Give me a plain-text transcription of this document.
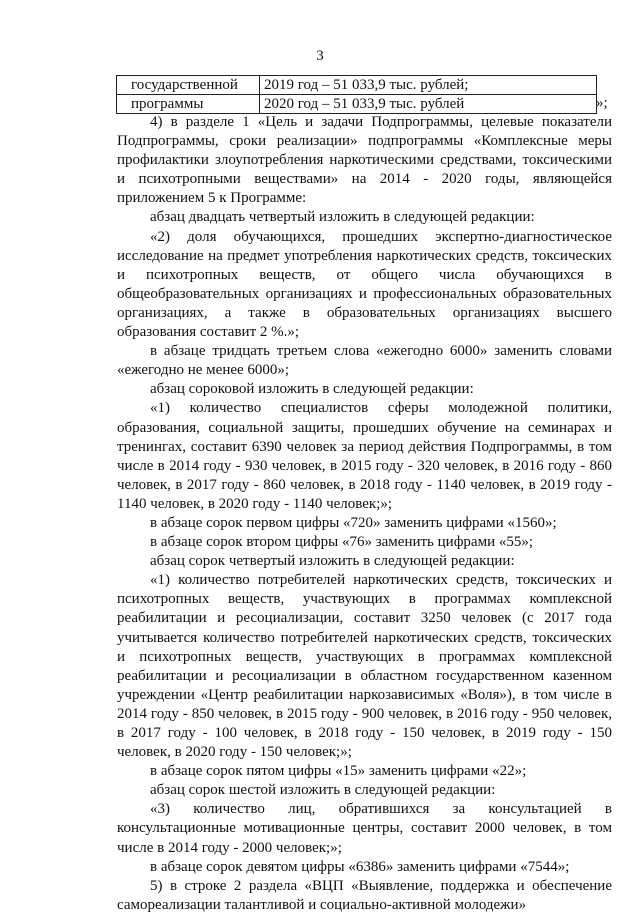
3
государственной	2019 год – 51 033,9 тыс. рублей;
программы	2020 год – 51 033,9 тыс. рублей	»;

4) в разделе 1 «Цель и задачи Подпрограммы, целевые показатели Подпрограммы, сроки реализации» подпрограммы «Комплексные меры профилактики злоупотребления наркотическими средствами, токсическими и психотропными веществами» на 2014 - 2020 годы, являющейся приложением 5 к Программе:

абзац двадцать четвертый изложить в следующей редакции:

«2) доля обучающихся, прошедших экспертно-диагностическое исследование на предмет употребления наркотических средств, токсических и психотропных веществ, от общего числа обучающихся в общеобразовательных организациях и профессиональных образовательных организациях, а также в образовательных организациях высшего образования составит 2 %.»;

в абзаце тридцать третьем слова «ежегодно 6000» заменить словами «ежегодно не менее 6000»;

абзац сороковой изложить в следующей редакции:

«1) количество специалистов сферы молодежной политики, образования, социальной защиты, прошедших обучение на семинарах и тренингах, составит 6390 человек за период действия Подпрограммы, в том числе в 2014 году - 930 человек, в 2015 году - 320 человек, в 2016 году - 860 человек, в 2017 году - 860 человек, в 2018 году - 1140 человек, в 2019 году - 1140 человек, в 2020 году - 1140 человек;»;

в абзаце сорок первом цифры «720» заменить цифрами «1560»;

в абзаце сорок втором цифры «76» заменить цифрами «55»;

абзац сорок четвертый изложить в следующей редакции:

«1) количество потребителей наркотических средств, токсических и психотропных веществ, участвующих в программах комплексной реабилитации и ресоциализации, составит 3250 человек (с 2017 года учитывается количество потребителей наркотических средств, токсических и психотропных веществ, участвующих в программах комплексной реабилитации и ресоциализации в областном государственном казенном учреждении «Центр реабилитации наркозависимых «Воля»), в том числе в 2014 году - 850 человек, в 2015 году - 900 человек, в 2016 году - 950 человек, в 2017 году - 100 человек, в 2018 году - 150 человек, в 2019 году - 150 человек, в 2020 году - 150 человек;»;

в абзаце сорок пятом цифры «15» заменить цифрами «22»;

абзац сорок шестой изложить в следующей редакции:

«3) количество лиц, обратившихся за консультацией в консультационные мотивационные центры, составит 2000 человек, в том числе в 2014 году - 2000 человек;»;

в абзаце сорок девятом цифры «6386» заменить цифрами «7544»;

5) в строке 2 раздела «ВЦП «Выявление, поддержка и обеспечение самореализации талантливой и социально-активной молодежи»
